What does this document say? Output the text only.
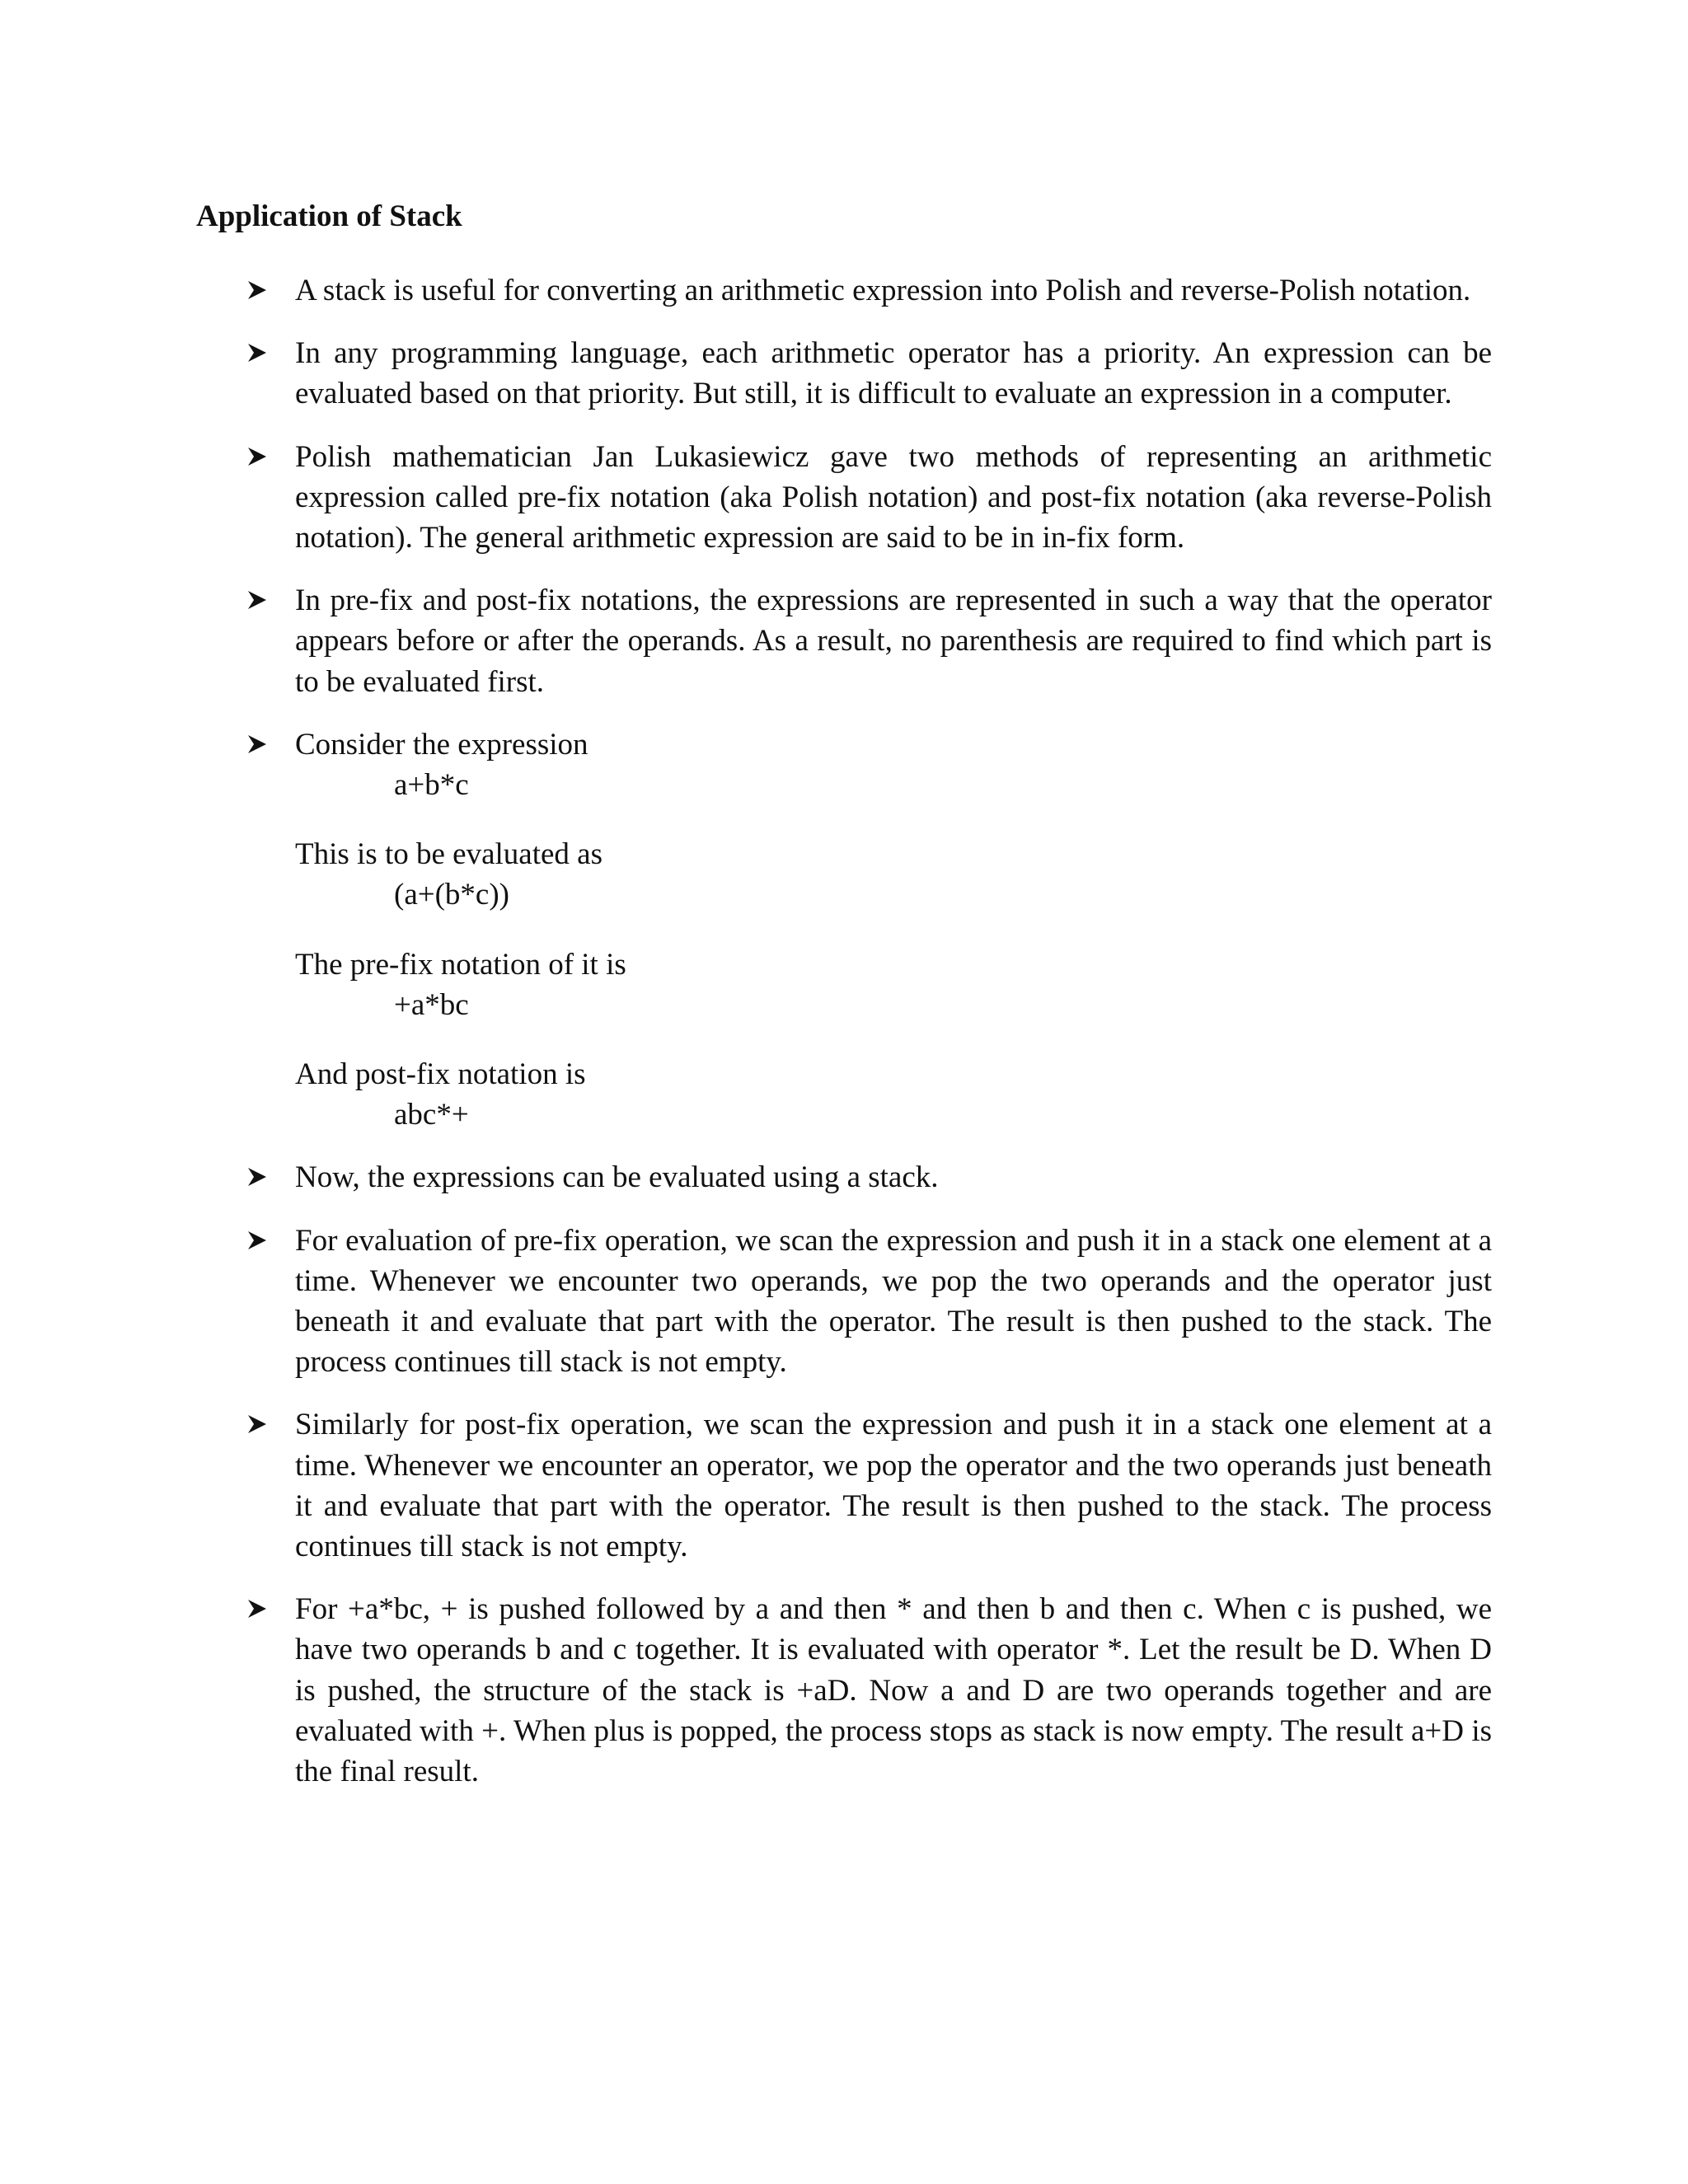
Application of Stack

A stack is useful for converting an arithmetic expression into Polish and reverse-Polish notation.

In any programming language, each arithmetic operator has a priority. An expression can be evaluated based on that priority. But still, it is difficult to evaluate an expression in a computer.

Polish mathematician Jan Lukasiewicz gave two methods of representing an arithmetic expression called pre-fix notation (aka Polish notation) and post-fix notation (aka reverse-Polish notation). The general arithmetic expression are said to be in in-fix form.

In pre-fix and post-fix notations, the expressions are represented in such a way that the operator appears before or after the operands. As a result, no parenthesis are required to find which part is to be evaluated first.

Consider the expression

a+b*c

This is to be evaluated as

(a+(b*c))

The pre-fix notation of it is

+a*bc

And post-fix notation is

abc*+

Now, the expressions can be evaluated using a stack.

For evaluation of pre-fix operation, we scan the expression and push it in a stack one element at a time. Whenever we encounter two operands, we pop the two operands and the operator just beneath it and evaluate that part with the operator. The result is then pushed to the stack. The process continues till stack is not empty.

Similarly for post-fix operation, we scan the expression and push it in a stack one element at a time. Whenever we encounter an operator, we pop the operator and the two operands just beneath it and evaluate that part with the operator. The result is then pushed to the stack. The process continues till stack is not empty.

For +a*bc, + is pushed followed by a and then * and then b and then c. When c is pushed, we have two operands b and c together. It is evaluated with operator *. Let the result be D. When D is pushed, the structure of the stack is +aD. Now a and D are two operands together and are evaluated with +. When plus is popped, the process stops as stack is now empty. The result a+D is the final result.
